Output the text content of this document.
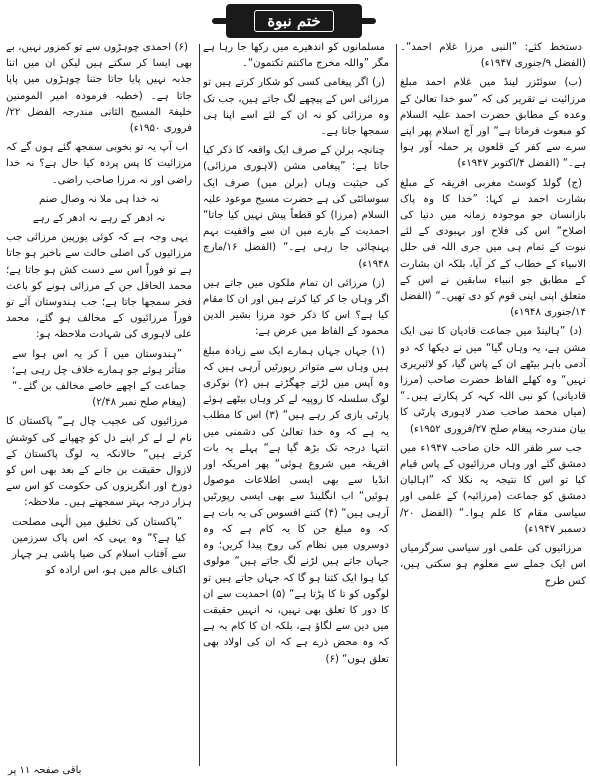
ختم نبوة

دستخط کئے: ”النبی مرزا غلام احمد“۔ (الفضل ۹/جنوری ۱۹۴۷ء)

(ب) سوئٹزر لینڈ میں غلام احمد مبلغ مرزائیت نے تقریر کی کہ ”سو خدا تعالیٰ کے وعدہ کے مطابق حضرت احمد علیہ السلام کو مبعوث فرماتا ہے“ اور آج اسلام پھر اپنے سرے سے کفر کے قلعوں پر حملہ آور ہوا ہے۔“ (الفضل ۴/اکتوبر ۱۹۴۷ء)

(ج) گولڈ کوسٹ مغربی افریقہ کے مبلغ بشارت احمد نے کہا: ”خدا کا وہ پاک بازانسان جو موجودہ زمانہ میں دنیا کی اصلاح“ اس کی فلاح اور بہبودی کے لئے نبوت کے تمام ہی میں جری اللہ فی حلل الانبیاء کے خطاب کے کر آیا، بلکہ ان بشارت کے مطابق جو انبیاء سابقین نے اس کے متعلق اپنی اپنی قوم کو دی تھیں۔“ (الفضل ۱۴/جنوری ۱۹۴۸ء)

(د) ”ہالینڈ میں جماعت قادیان کا نبی ایک مشن ہے، یہ وہاں گیا“ میں نے دیکھا کہ دو آدمی باہر بیٹھے ان کے پاس گیا، کو لائبریری نہیں“ وہ کھلے الفاظ حضرت صاحب (مرزا قادیانی) کو نبی اللہ کہہ کر پکارتے ہیں۔“ (میاں محمد صاحب صدر لاہوری پارٹی کا بیان مندرجہ پیغام صلح ۲۷/فروری ۱۹۵۲ء)

جب سر ظفر اللہ خان صاحب ۱۹۴۷ء میں دمشق گئے اور وہاں مرزائیوں کے پاس قیام کیا تو اس کا نتیجہ یہ نکلا کہ ”اہالیان دمشق کو جماعت (مرزائیہ) کے علمی اور سیاسی مقام کا علم ہوا۔“ (الفضل ۲۰/دسمبر ۱۹۴۷ء)

مرزائیوں کی علمی اور سیاسی سرگرمیاں اس ایک جملے سے معلوم ہو سکتی ہیں، کس طرح

مسلمانوں کو اندھیرے میں رکھا جا رہا ہے مگر ”واللہ مخرج ماکنتم تکتمون“۔

(ر) اگر پیغامی کسی کو شکار کرتے ہیں تو مرزائی اس کے پیچھے لگ جاتے ہیں، جب تک وہ مرزائی کو نہ ان کے لئے اسے اپنا ہی سمجھا جاتا ہے۔

چنانچہ برلن کے صرف ایک واقعہ کا ذکر کیا جاتا ہے: ”پیغامی مشن (لاہوری مرزائی) کی حیثیت وہاں (برلن میں) صرف ایک سوسائٹی کی ہے حضرت مسیح موعود علیہ السلام (مرزا) کو قطعاً پیش نہیں کیا جاتا“ احمدیت کے بارے میں ان سے واقفیت بہم پہنچائی جا رہی ہے۔“ (الفضل ۱۶/مارچ ۱۹۴۸ء)

(ز) مرزائی ان تمام ملکوں میں جاتے ہیں اگر وہاں جا کر کیا کرتے ہیں اور ان کا مقام کیا ہے؟ اس کا ذکر خود مرزا بشیر الدین محمود کے الفاظ میں عرض ہے:

(۱) جہاں جہاں ہمارے ایک سے زیادہ مبلغ ہیں وہاں سے متواتر رپورٹیں آرہی ہیں کہ وہ آپس میں لڑتے جھگڑتے ہیں (۲) نوکری لوگ سلسلہ کا روپیہ لے کر وہاں بیٹھے ہوئے پارٹی بازی کر رہے ہیں“ (۳) اس کا مطلب یہ ہے کہ وہ خدا تعالیٰ کی دشمنی میں انتہا درجہ تک بڑھ گیا ہے“ پہلے یہ بات افریقہ میں شروع ہوئی“ پھر امریکہ اور انڈیا سے بھی ایسی اطلاعات موصول ہوئیں“ اب انگلینڈ سے بھی ایسی رپورٹیں آرہی ہیں“ (۴) کتنے افسوس کی یہ بات ہے کہ وہ مبلغ جن کا یہ کام ہے کہ وہ دوسروں میں نظام کی روح پیدا کریں؛ وہ جہاں جاتے ہیں لڑنے لگ جاتے ہیں“ مولوی کیا ہوا ایک کتنا ہو گا کہ جہاں جاتے ہیں تو لوگوں کو تا کا پڑتا ہے“ (۵) احمدیت سے ان کا دور کا تعلق بھی نہیں، نہ انہیں حقیقت میں دین سے لگاؤ ہے، بلکہ ان کا کام یہ ہے کہ وہ محض ذرے ہے کہ ان کی اولاد بھی تعلق ہوں“ (۶)

(۶) احمدی چوہڑوں سے تو کمزور نہیں، بے بھی ایسا کر سکتے ہیں لیکن ان میں اتنا جذبہ نہیں پایا جاتا جتنا چوہڑوں میں پایا جاتا ہے۔ (خطبہ فرمودہ امیر المومنین خلیفۃ المسیح الثانی مندرجہ الفضل ۲۲/فروری ۱۹۵۰ء)

اب آپ یہ تو بخوبی سمجھ گئے ہوں گے کہ مرزائیت کا پس پردہ کیا حال ہے؟ نہ خدا راضی اور نہ مرزا صاحب راضی۔

نہ خدا ہی ملا نہ وصال صنم

نہ ادھر کے رہے نہ ادھر کے رہے

یہی وجہ ہے کہ کوئی یورپین مرزائی جب مرزائیوں کی اصلی حالت سے باخبر ہو جاتا ہے تو فوراً اس سے دست کش ہو جاتا ہے؛ محمد الحافل جن کے مرزائی ہونے کو باعث فخر سمجھا جاتا ہے؛ جب ہندوستان آئے تو فوراً مرزائیوں کے مخالف ہو گئے، محمد علی لاہوری کی شہادت ملاحظہ ہو:

”ہندوستان میں آ کر یہ اس ہوا سے متأثر ہوئے جو ہمارے خلاف چل رہی ہے؛ جماعت کے اچھے خاصے مخالف بن گئے۔“ (پیغام صلح نمبر ۲/۴۸)

مرزائیوں کی عجیب چال ہے“ پاکستان کا نام لے لے کر اپنے دل کو چھپانے کی کوشش کرتے ہیں“ حالانکہ یہ لوگ پاکستان کے لازوال حقیقت بن جانے کے بعد بھی اس کو دوزخ اور انگریزوں کی حکومت کو اس سے ہزار درجہ بہتر سمجھتے ہیں۔ ملاحظہ:

”پاکستان کی تخلیق میں الٰہی مصلحت کیا ہے؟“ وہ یہی کہ اس پاک سرزمین سے آفتاب اسلام کی ضیا پاشی ہر چہار اکناف عالم میں ہو، اس ارادہ کو

باقی صفحہ ۱۱ پر
